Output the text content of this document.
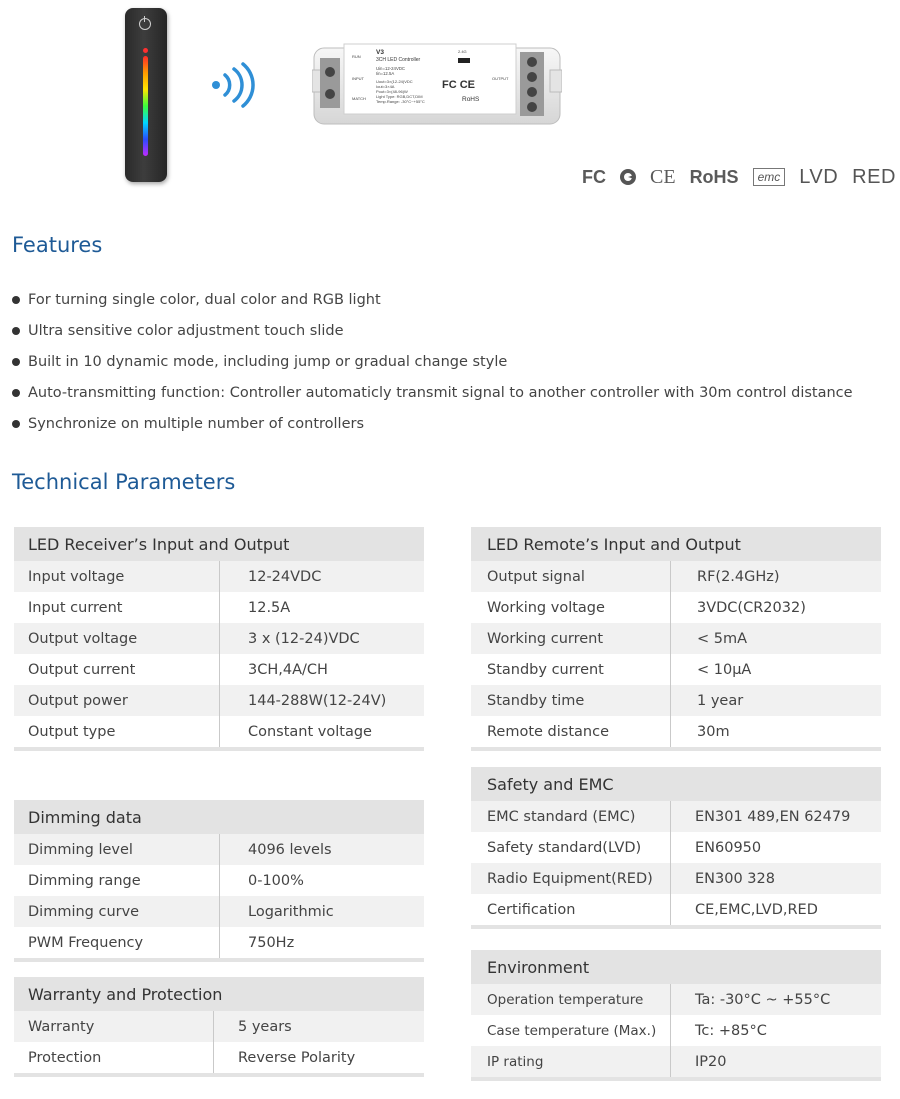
V3
3CH LED Controller
Uin=12-24VDC
Iin=12.5A
Uout=3×(12-24)VDC
Iout=3×4A
Pout=3×(48-96)W
Light Type: RGB,DCT,DIM
Temp.Range: -30°C~+55°C
RUN
MATCH
INPUT	OUTPUT
2.4G
FC CE
RoHS
FC CE RoHS	emc LVD RED
Features
For turning single color, dual color and RGB light
Ultra sensitive color adjustment touch slide
Built in 10 dynamic mode, including jump or gradual change style
Auto-transmitting function: Controller automaticly transmit signal to another controller with 30m control distance
Synchronize on multiple number of controllers
Technical Parameters
LED Receiver’s Input and Output
Input voltage	12-24VDC
Input current	12.5A
Output voltage	3 x (12-24)VDC
Output current	3CH,4A/CH
Output power	144-288W(12-24V)
Output type	Constant voltage
Dimming data
Dimming level	4096 levels
Dimming range	0-100%
Dimming curve	Logarithmic
PWM Frequency	750Hz
Warranty and Protection
Warranty	5 years
Protection	Reverse Polarity
LED Remote’s Input and Output
Output signal	RF(2.4GHz)
Working voltage	3VDC(CR2032)
Working current	< 5mA
Standby current	< 10μA
Standby time	1 year
Remote distance	30m
Safety and EMC
EMC standard (EMC)	EN301 489,EN 62479
Safety standard(LVD)	EN60950
Radio Equipment(RED)	EN300 328
Certification	CE,EMC,LVD,RED
Environment
Operation temperature	Ta: -30°C ~ +55°C
Case temperature (Max.)	Tc: +85°C
IP rating	IP20
